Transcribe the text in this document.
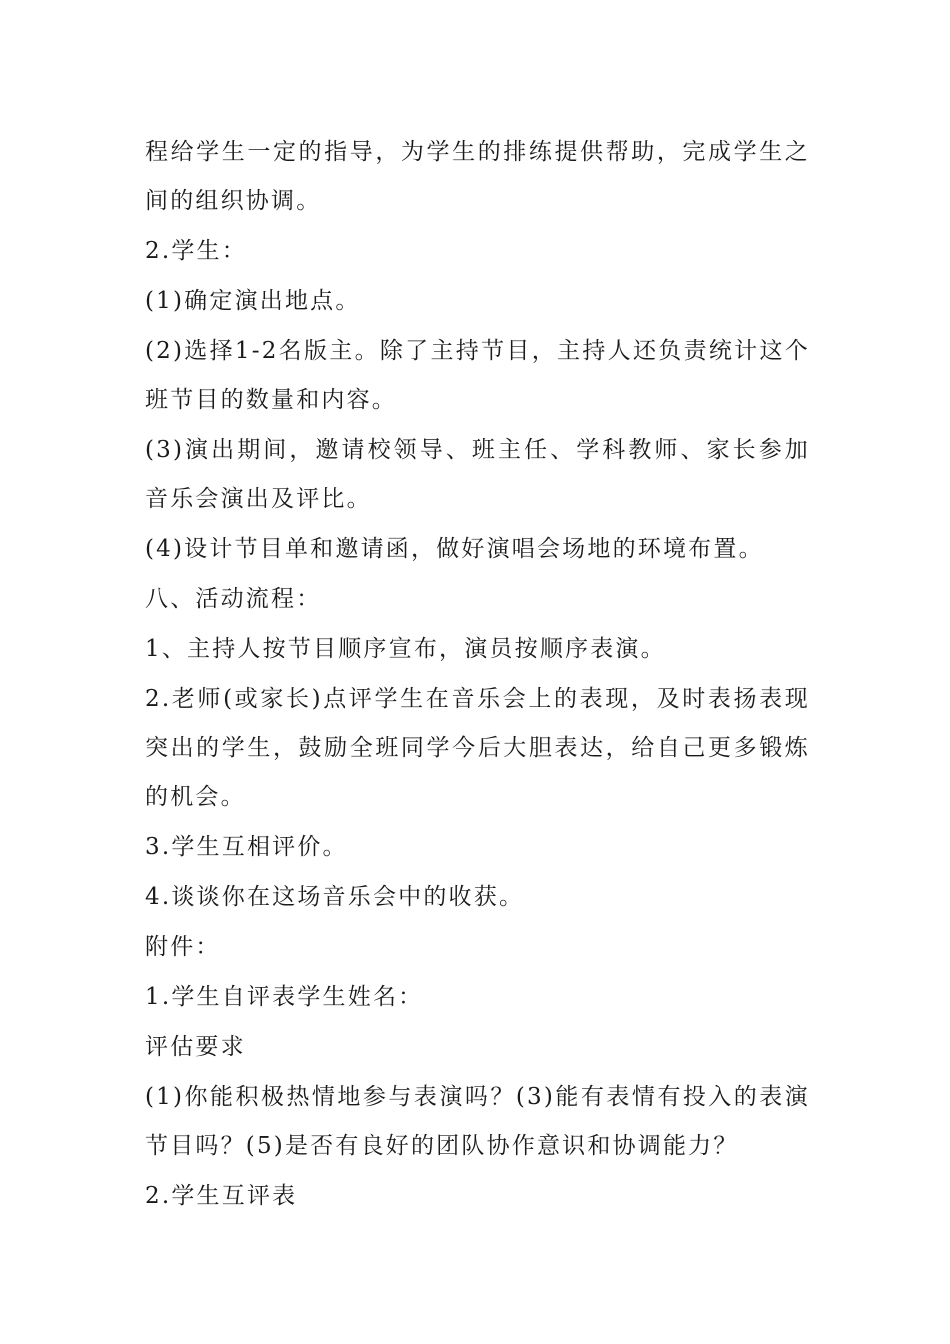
程给学生一定的指导，为学生的排练提供帮助，完成学生之间的组织协调。

2.学生：

(1)确定演出地点。

(2)选择1-2名版主。除了主持节目，主持人还负责统计这个班节目的数量和内容。

(3)演出期间，邀请校领导、班主任、学科教师、家长参加音乐会演出及评比。

(4)设计节目单和邀请函，做好演唱会场地的环境布置。

八、活动流程：

1、主持人按节目顺序宣布，演员按顺序表演。

2.老师(或家长)点评学生在音乐会上的表现，及时表扬表现突出的学生，鼓励全班同学今后大胆表达，给自己更多锻炼的机会。

3.学生互相评价。

4.谈谈你在这场音乐会中的收获。

附件：

1.学生自评表学生姓名：

评估要求

(1)你能积极热情地参与表演吗？(3)能有表情有投入的表演节目吗？(5)是否有良好的团队协作意识和协调能力？

2.学生互评表
